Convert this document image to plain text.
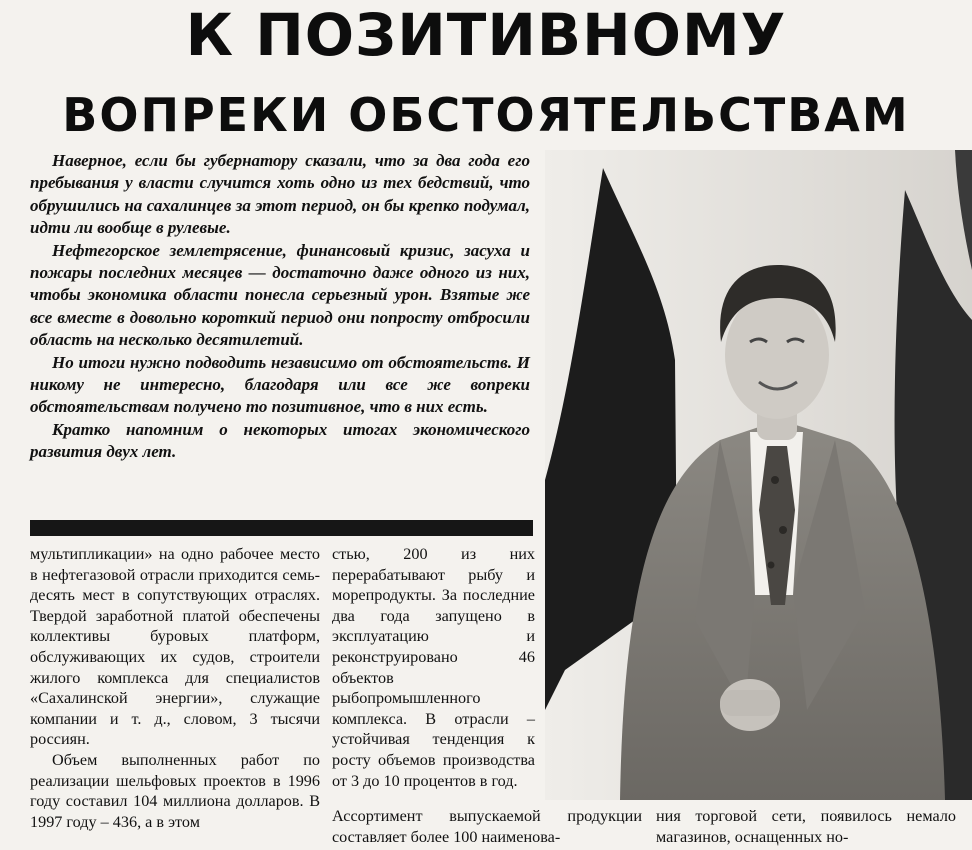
К ПОЗИТИВНОМУ
ВОПРЕКИ ОБСТОЯТЕЛЬСТВАМ

Наверное, если бы губернатору сказали, что за два года его пребывания у власти случится хоть одно из тех бедствий, что обрушились на сахалинцев за этот период, он бы крепко подумал, идти ли вообще в рулевые.

Нефтегорское землетрясение, финансовый кризис, засуха и пожары последних месяцев — достаточно даже одного из них, чтобы экономика области понесла серьезный урон. Взятые же все вместе в довольно короткий период они попросту отбросили область на несколько десятилетий.

Но итоги нужно подводить независимо от обстоятельств. И никому не интересно, благодаря или все же вопреки обстоятельствам получено то позитивное, что в них есть.

Кратко напомним о некоторых итогах экономического развития двух лет.

мультипликации» на одно рабочее место в нефтегазовой отрасли приходится семь-десять мест в сопутствующих отраслях. Твердой заработной платой обеспечены коллективы буровых платформ, обслуживающих их судов, строители жилого комплекса для специалистов «Сахалинской энергии», служащие компании и т. д., словом, 3 тысячи россиян.

Объем выполненных работ по реализации шельфовых проектов в 1996 году составил 104 миллиона долларов. В 1997 году – 436, а в этом

стью, 200 из них перерабатывают рыбу и морепродукты. За последние два года запущено в эксплуатацию и реконструировано 46 объектов рыбопромышленного комплекса. В отрасли – устойчивая тенденция к росту объемов производства от 3 до 10 процентов в год.

Ассортимент выпускаемой продукции составляет более 100 наименова-

ния торговой сети, появилось немало магазинов, оснащенных но-
